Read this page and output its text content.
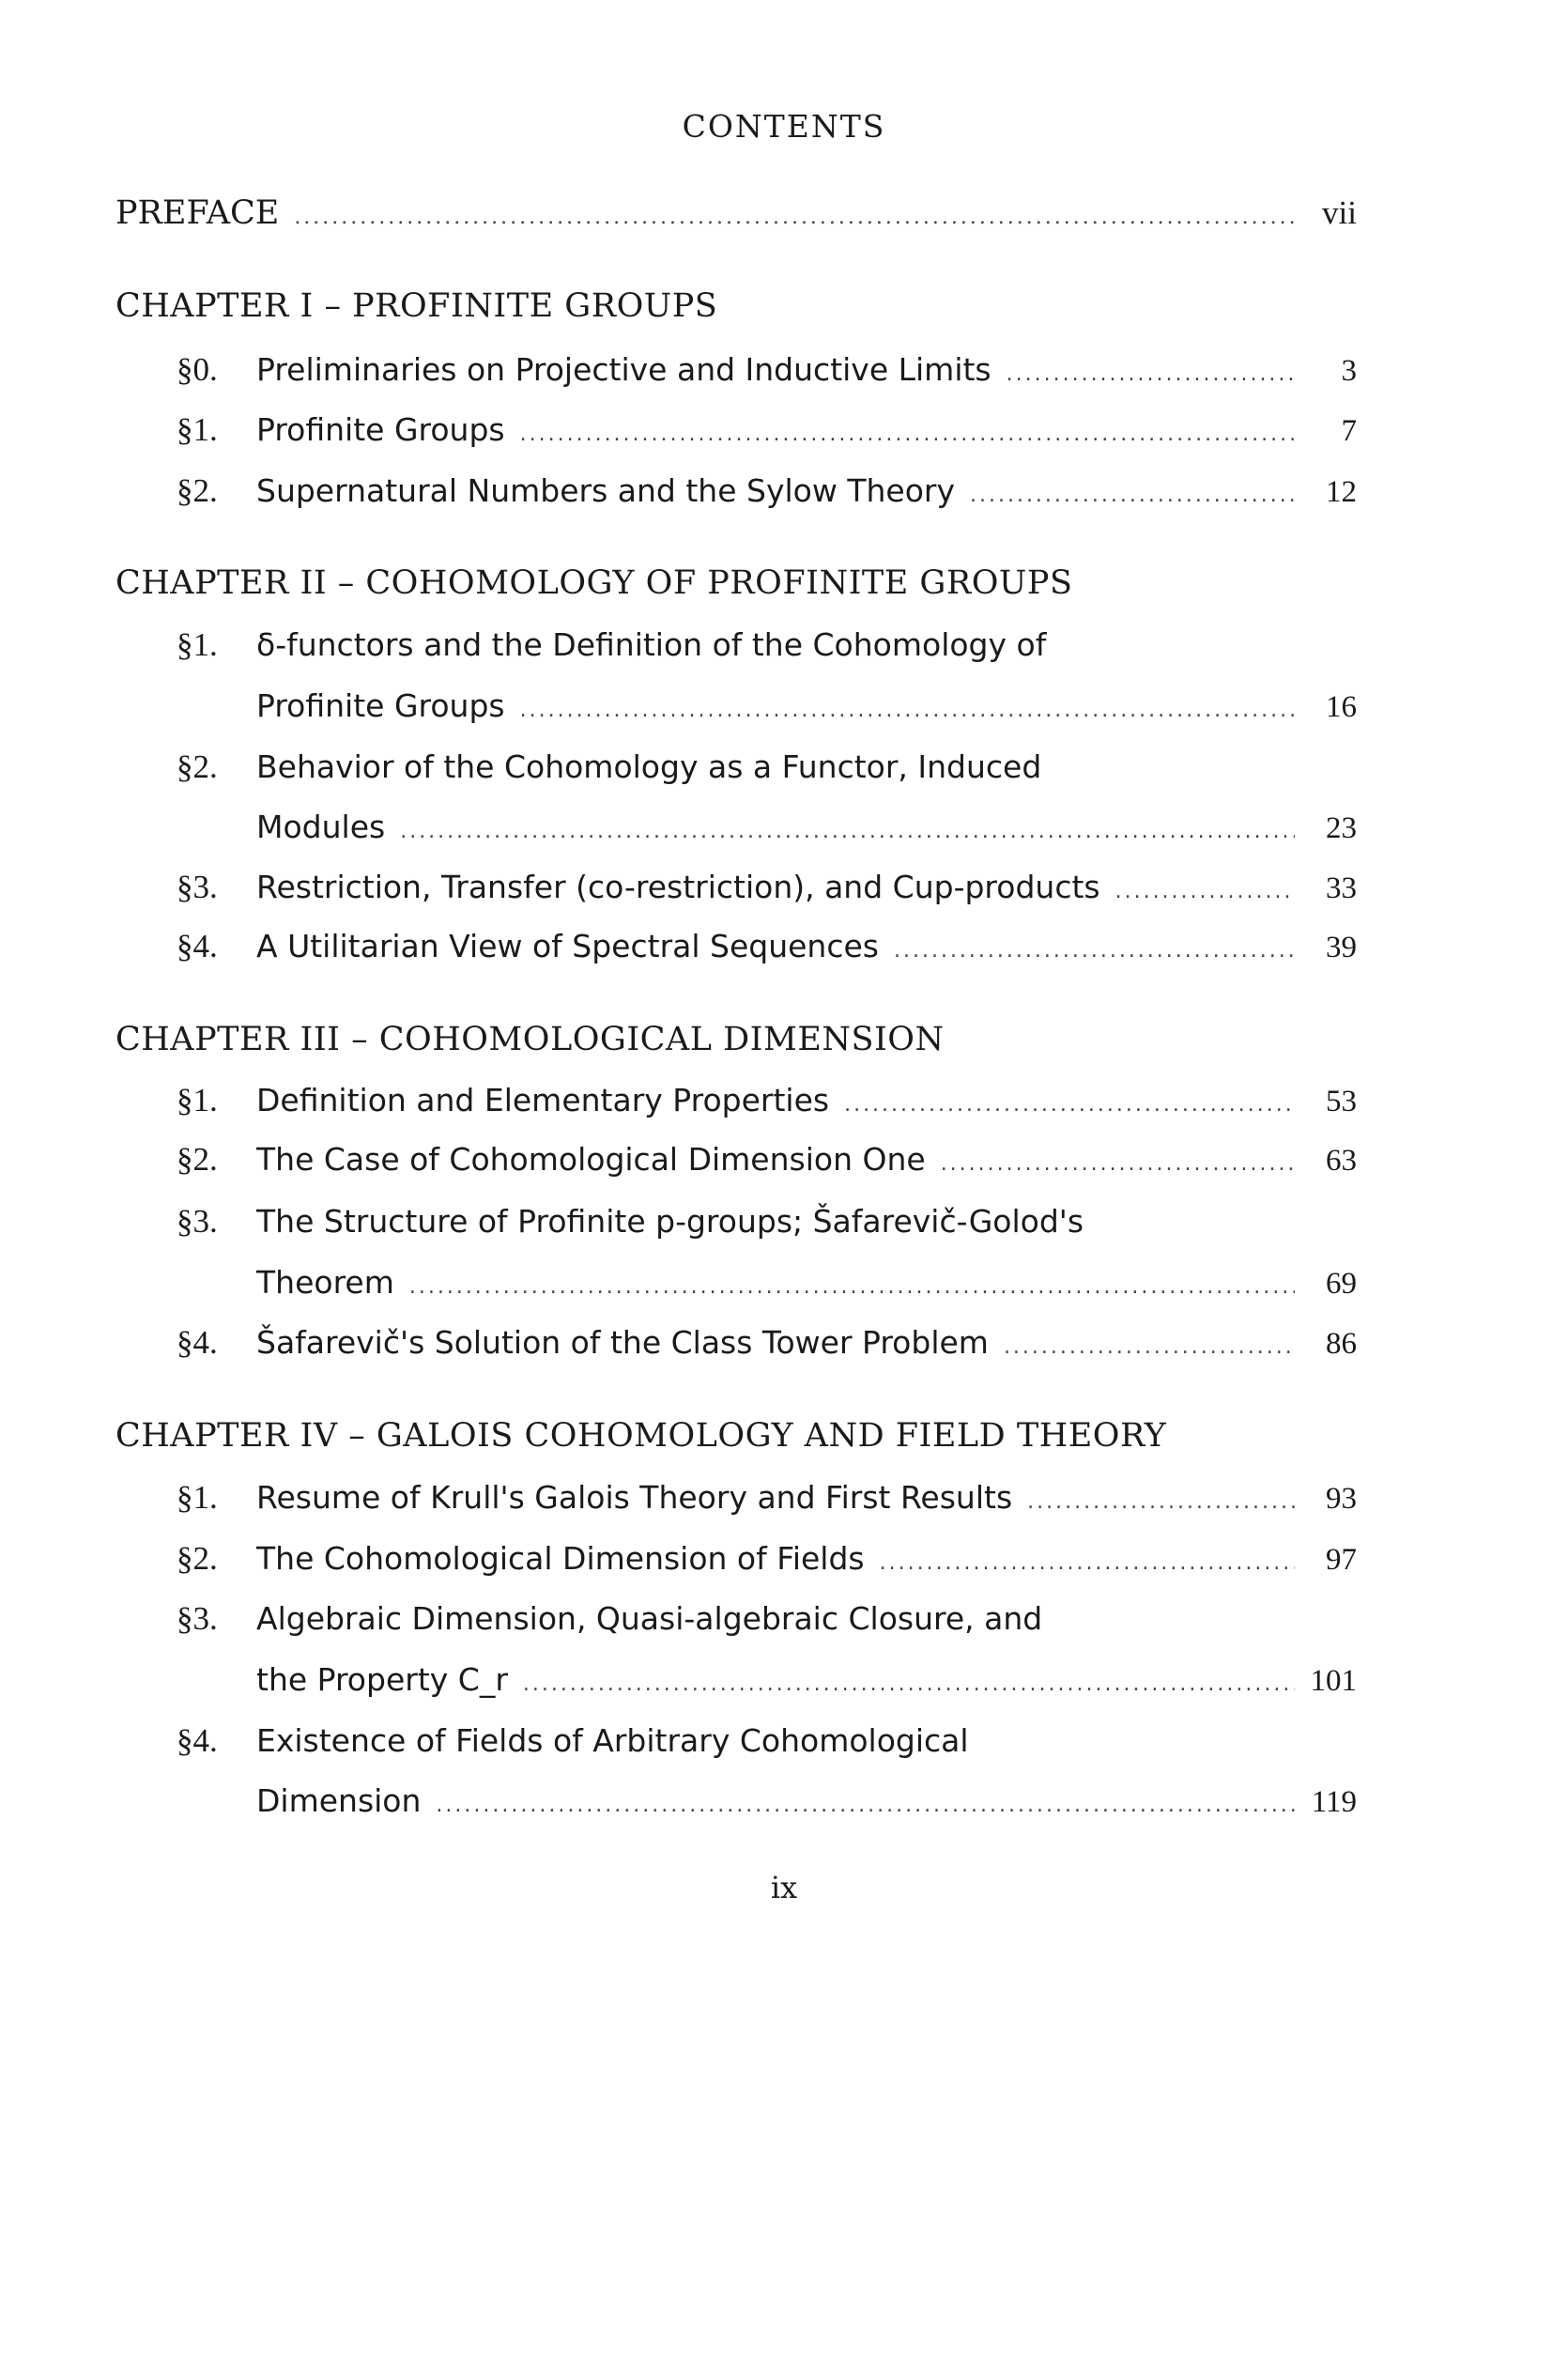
CONTENTS
PREFACE .....	vii
CHAPTER I – PROFINITE GROUPS
§0. Preliminaries on Projective and Inductive Limits .....	3
§1. Profinite Groups .....	7
§2. Supernatural Numbers and the Sylow Theory .....	12
CHAPTER II – COHOMOLOGY OF PROFINITE GROUPS
§1. δ-functors and the Definition of the Cohomology of
Profinite Groups .....	16
§2. Behavior of the Cohomology as a Functor, Induced
Modules .....	23
§3. Restriction, Transfer (co-restriction), and Cup-products .....	33
§4. A Utilitarian View of Spectral Sequences .....	39
CHAPTER III – COHOMOLOGICAL DIMENSION
§1. Definition and Elementary Properties .....	53
§2. The Case of Cohomological Dimension One .....	63
§3. The Structure of Profinite p-groups; Šafarevič-Golod's
Theorem .....	69
§4. Šafarevič's Solution of the Class Tower Problem .....	86
CHAPTER IV – GALOIS COHOMOLOGY AND FIELD THEORY
§1. Resume of Krull's Galois Theory and First Results .....	93
§2. The Cohomological Dimension of Fields .....	97
§3. Algebraic Dimension, Quasi-algebraic Closure, and
the Property C_r .....	101
§4. Existence of Fields of Arbitrary Cohomological
Dimension .....	119
ix
